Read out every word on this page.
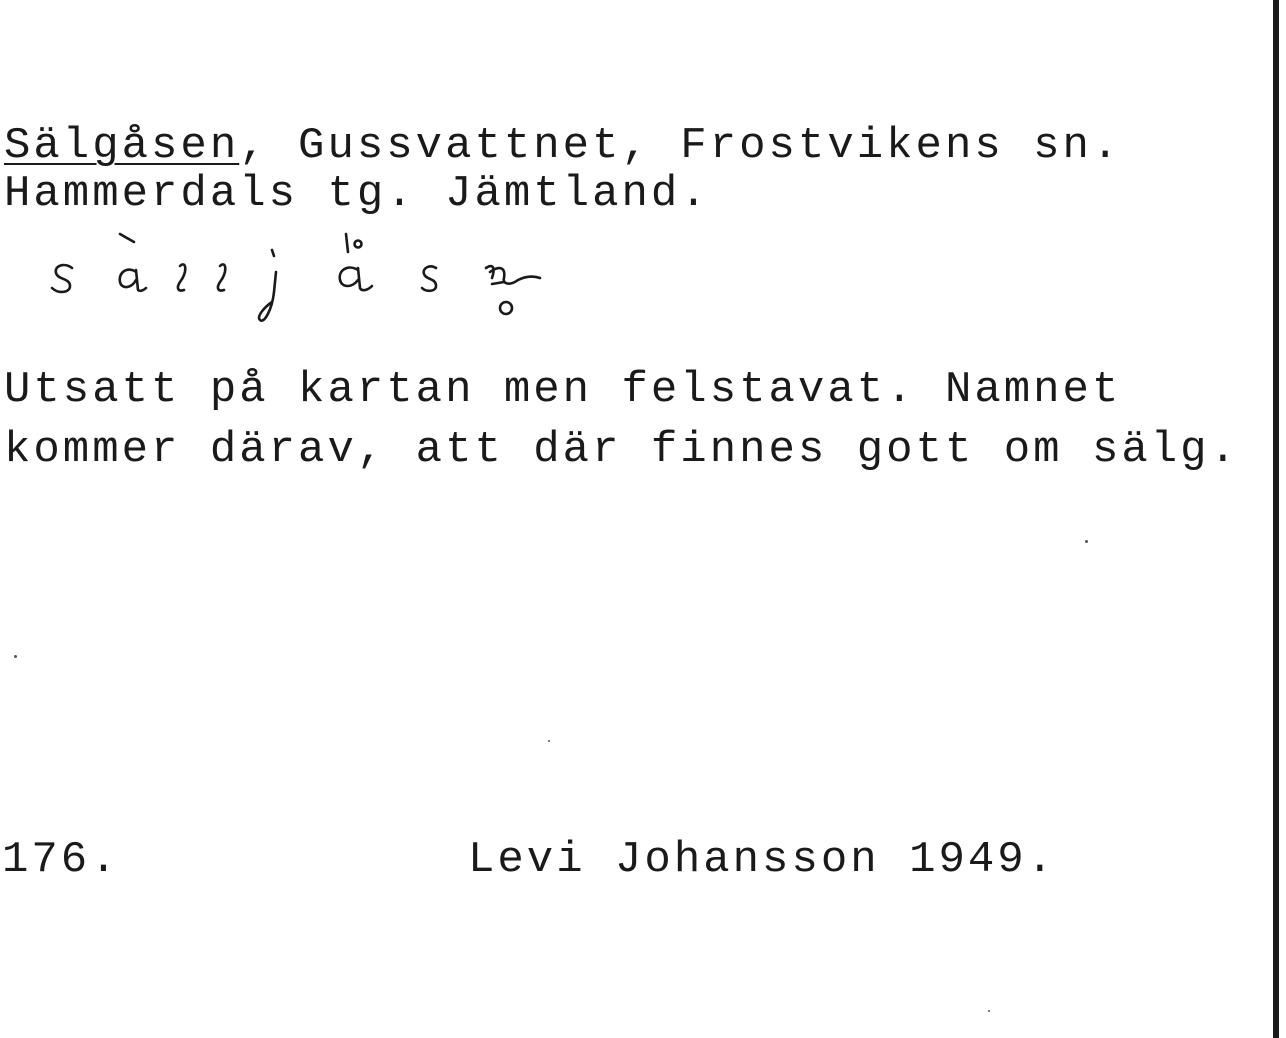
Sälgåsen, Gussvattnet, Frostvikens sn.
Hammerdals tg. Jämtland.
Utsatt på kartan men felstavat. Namnet
kommer därav, att där finnes gott om sälg.
176.	Levi Johansson 1949.
